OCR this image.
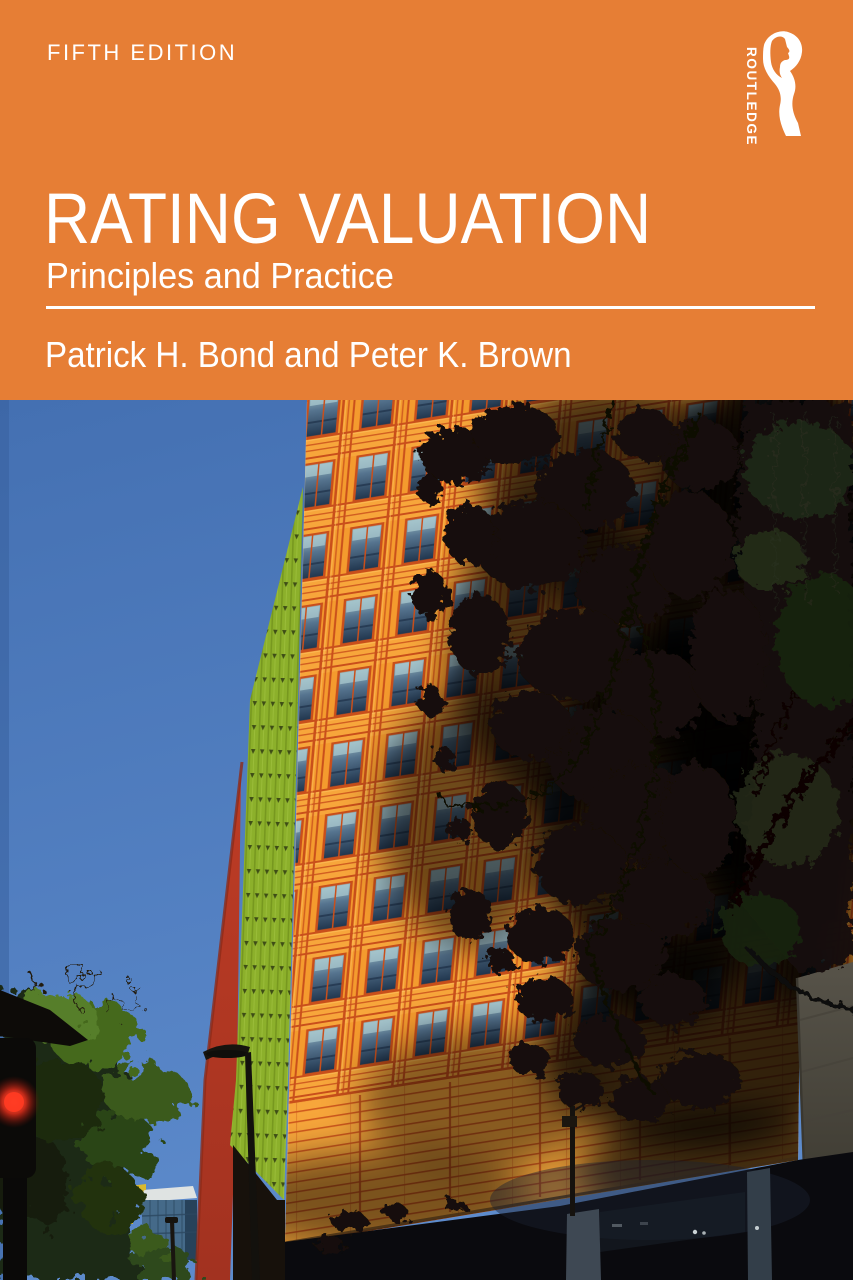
FIFTH EDITION	ROUTLEDGE
RATING VALUATION
Principles and Practice
Patrick H. Bond and Peter K. Brown
